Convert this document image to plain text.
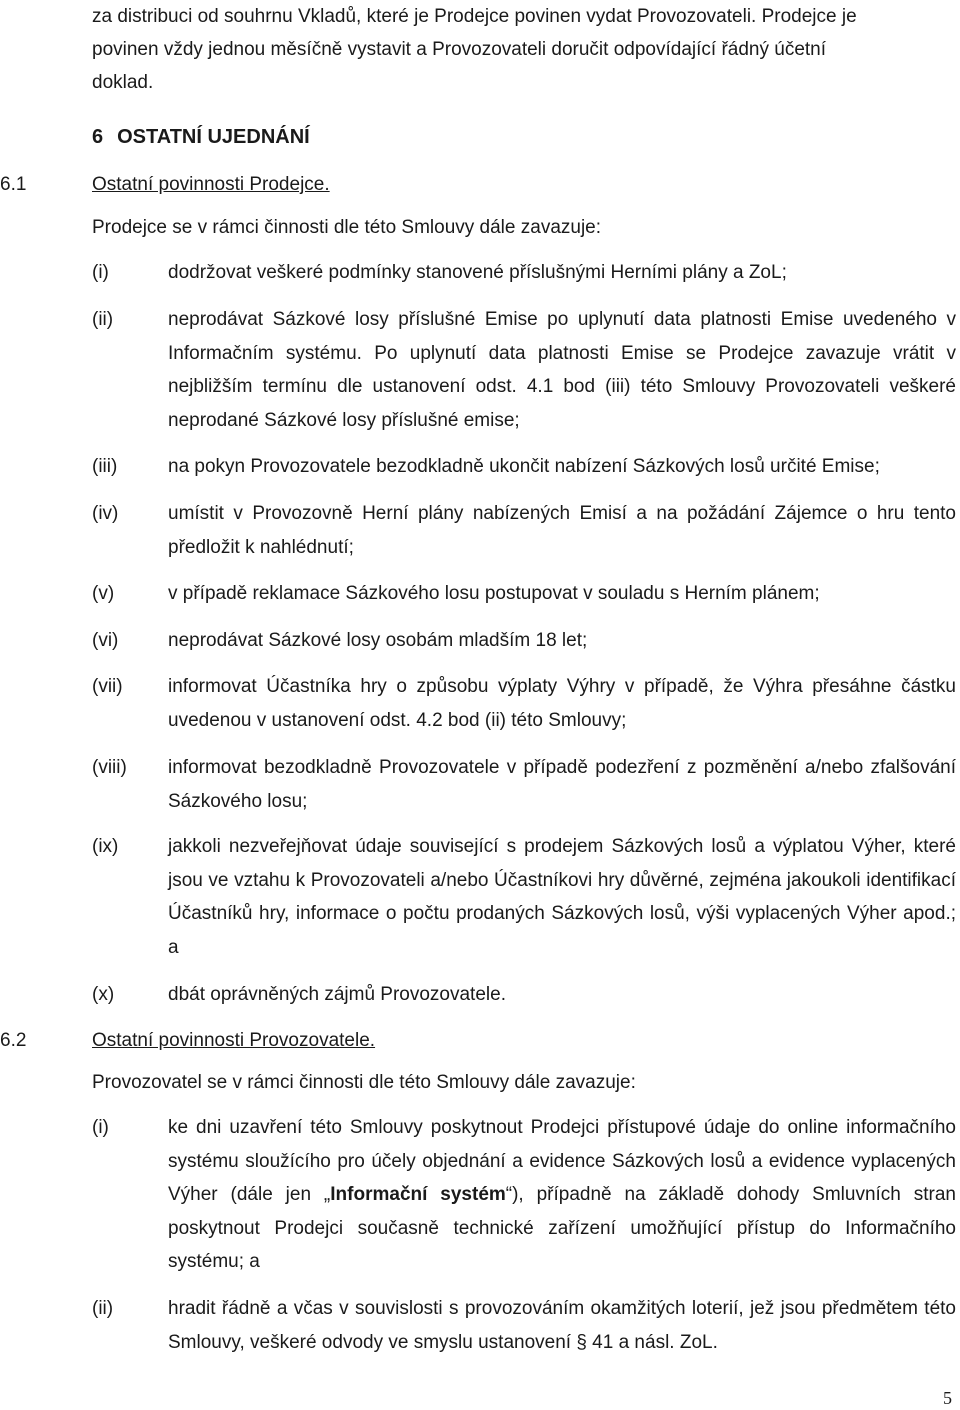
za distribuci od souhrnu Vkladů, které je Prodejce povinen vydat Provozovateli. Prodejce je
povinen vždy jednou měsíčně vystavit a Provozovateli doručit odpovídající řádný účetní
doklad.
6 OSTATNÍ UJEDNÁNÍ
6.1	Ostatní povinnosti Prodejce.
Prodejce se v rámci činnosti dle této Smlouvy dále zavazuje:
(i)	dodržovat veškeré podmínky stanovené příslušnými Herními plány a ZoL;
(ii)	neprodávat Sázkové losy příslušné Emise po uplynutí data platnosti Emise uvedeného v Informačním systému. Po uplynutí data platnosti Emise se Prodejce zavazuje vrátit v nejbližším termínu dle ustanovení odst. 4.1 bod (iii) této Smlouvy Provozovateli veškeré neprodané Sázkové losy příslušné emise;
(iii)	na pokyn Provozovatele bezodkladně ukončit nabízení Sázkových losů určité Emise;
(iv)	umístit v Provozovně Herní plány nabízených Emisí a na požádání Zájemce o hru tento předložit k nahlédnutí;
(v)	v případě reklamace Sázkového losu postupovat v souladu s Herním plánem;
(vi)	neprodávat Sázkové losy osobám mladším 18 let;
(vii) informovat Účastníka hry o způsobu výplaty Výhry v případě, že Výhra přesáhne částku uvedenou v ustanovení odst. 4.2 bod (ii) této Smlouvy;
(viii) informovat bezodkladně Provozovatele v případě podezření z pozměnění a/nebo zfalšování Sázkového losu;
(ix)	jakkoli nezveřejňovat údaje související s prodejem Sázkových losů a výplatou Výher, které jsou ve vztahu k Provozovateli a/nebo Účastníkovi hry důvěrné, zejména jakoukoli identifikací Účastníků hry, informace o počtu prodaných Sázkových losů, výši vyplacených Výher apod.; a
(x)	dbát oprávněných zájmů Provozovatele.
6.2	Ostatní povinnosti Provozovatele.
Provozovatel se v rámci činnosti dle této Smlouvy dále zavazuje:
(i)	ke dni uzavření této Smlouvy poskytnout Prodejci přístupové údaje do online informačního systému sloužícího pro účely objednání a evidence Sázkových losů a evidence vyplacených Výher (dále jen „Informační systém“), případně na základě dohody Smluvních stran poskytnout Prodejci současně technické zařízení umožňující přístup do Informačního systému; a
(ii)	hradit řádně a včas v souvislosti s provozováním okamžitých loterií, jež jsou předmětem této Smlouvy, veškeré odvody ve smyslu ustanovení § 41 a násl. ZoL.
5
